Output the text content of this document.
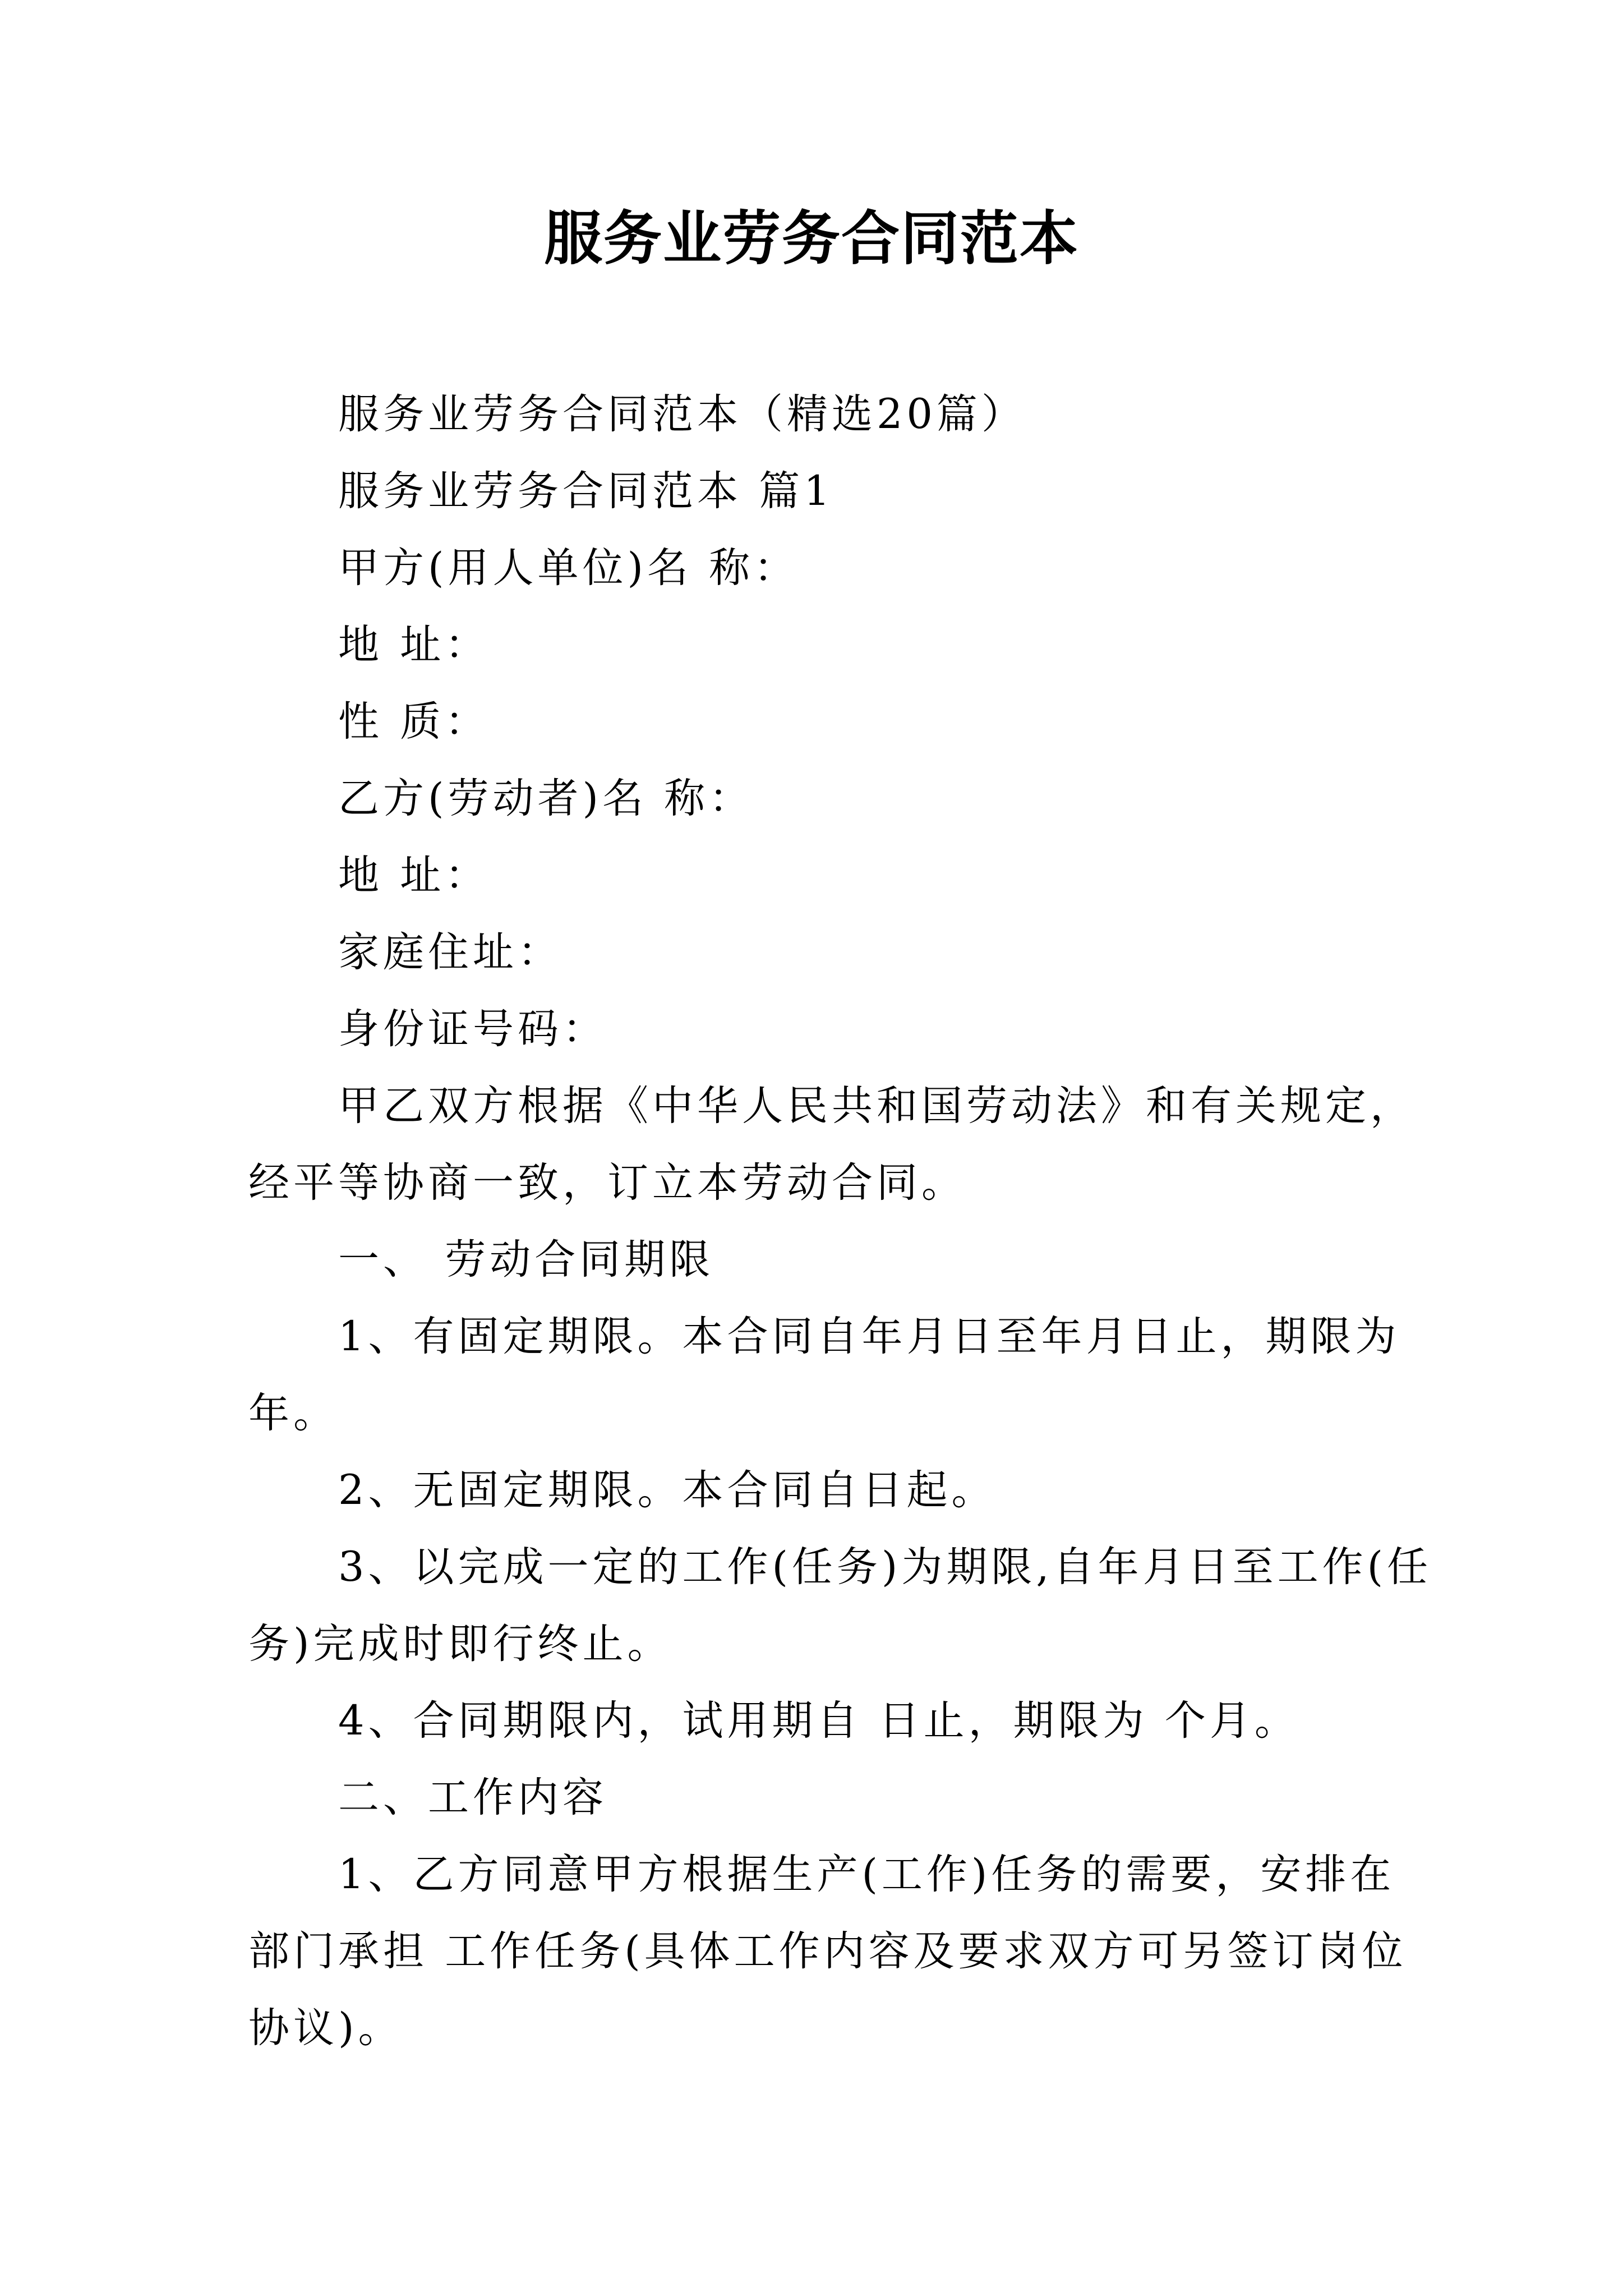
服务业劳务合同范本
服务业劳务合同范本（精选20篇）
服务业劳务合同范本 篇1
甲方(用人单位)名 称：
地 址：
性 质：
乙方(劳动者)名 称：
地 址：
家庭住址：
身份证号码：
甲乙双方根据《中华人民共和国劳动法》和有关规定，
经平等协商一致，订立本劳动合同。
一、 劳动合同期限
1、有固定期限。本合同自年月日至年月日止，期限为
年。
2、无固定期限。本合同自日起。
3、以完成一定的工作(任务)为期限,自年月日至工作(任
务)完成时即行终止。
4、合同期限内，试用期自 日止，期限为 个月。
二、工作内容
1、乙方同意甲方根据生产(工作)任务的需要，安排在
部门承担 工作任务(具体工作内容及要求双方可另签订岗位
协议)。
